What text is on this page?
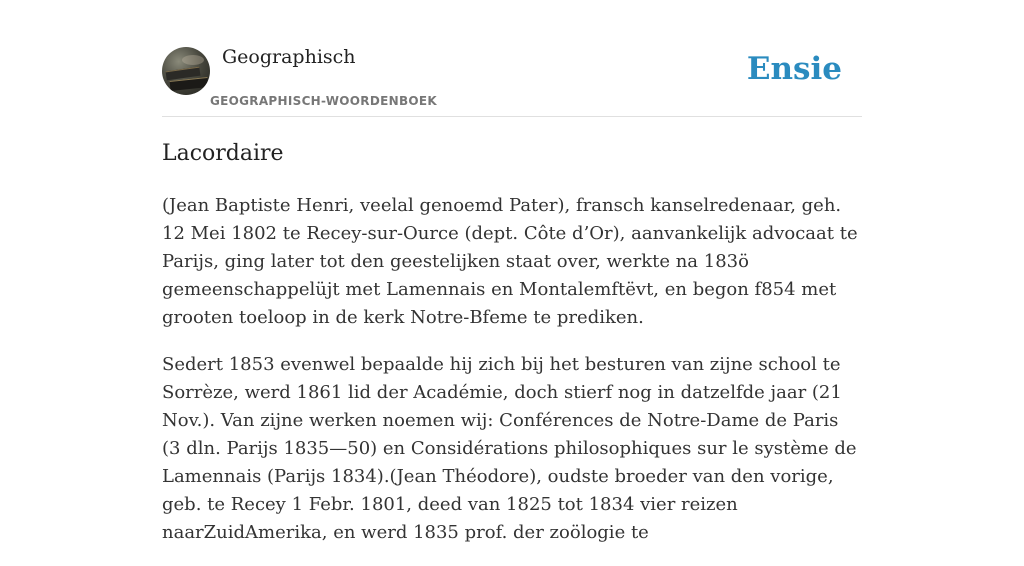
Geographisch
GEOGRAPHISCH-WOORDENBOEK
Ensie
Lacordaire

(Jean Baptiste Henri, veelal genoemd Pater), fransch kanselredenaar, geh. 12 Mei 1802 te Recey-sur-Ource (dept. Côte d’Or), aanvankelijk advocaat te Parijs, ging later tot den geestelijken staat over, werkte na 183ö gemeenschappelüjt met Lamennais en Montalemftëvt, en begon f854 met grooten toeloop in de kerk Notre-Bfeme te prediken.

Sedert 1853 evenwel bepaalde hij zich bij het besturen van zijne school te Sorrèze, werd 1861 lid der Académie, doch stierf nog in datzelfde jaar (21 Nov.). Van zijne werken noemen wij: Conférences de Notre-Dame de Paris (3 dln. Parijs 1835—50) en Considérations philosophiques sur le système de Lamennais (Parijs 1834).(Jean Théodore), oudste broeder van den vorige, geb. te Recey 1 Febr. 1801, deed van 1825 tot 1834 vier reizen naarZuidAmerika, en werd 1835 prof. der zoölogie te
